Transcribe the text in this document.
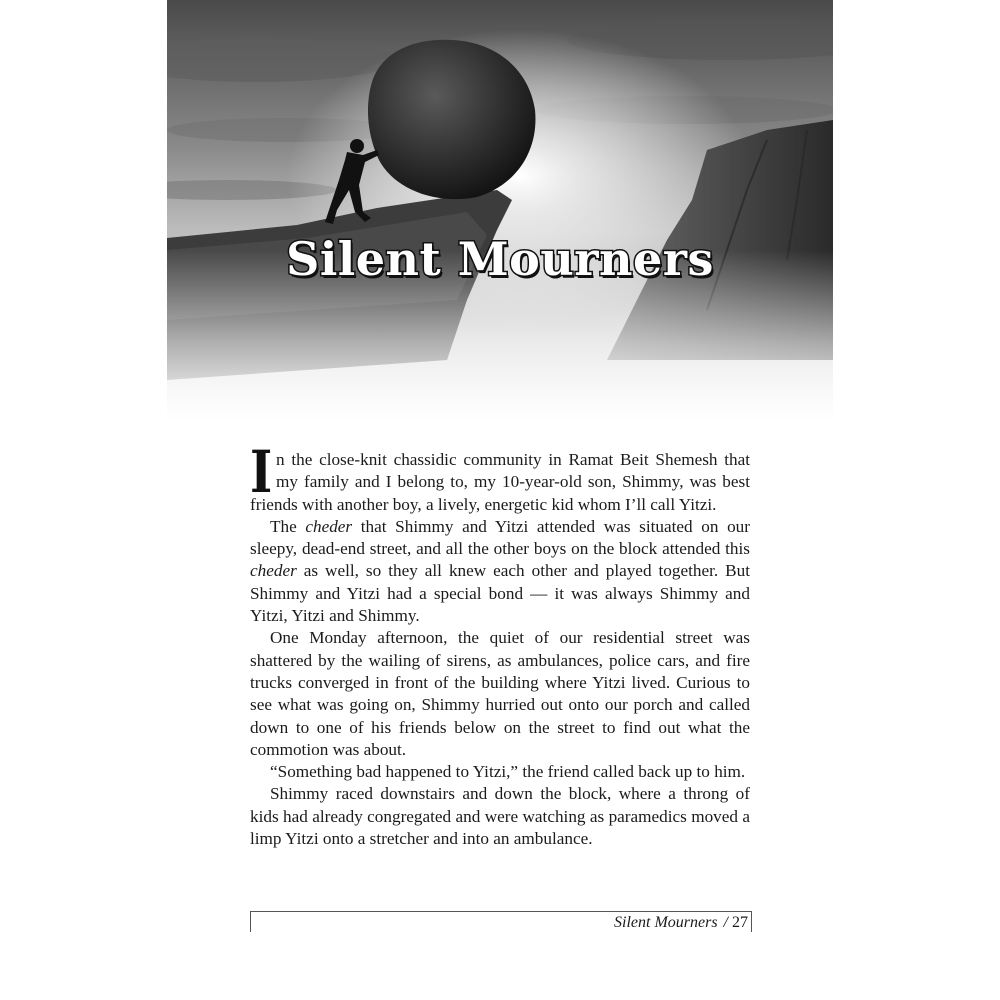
Silent Mourners

I n the close-knit chassidic community in Ramat Beit Shemesh that my family and I belong to, my 10-year-old son, Shimmy, was best friends with another boy, a lively, energetic kid whom I’ll call Yitzi.

The cheder that Shimmy and Yitzi attended was situated on our sleepy, dead-end street, and all the other boys on the block attended this cheder as well, so they all knew each other and played together. But Shimmy and Yitzi had a special bond — it was always Shimmy and Yitzi, Yitzi and Shimmy.

One Monday afternoon, the quiet of our residential street was shattered by the wailing of sirens, as ambulances, police cars, and fire trucks converged in front of the building where Yitzi lived. Curious to see what was going on, Shimmy hurried out onto our porch and called down to one of his friends below on the street to find out what the commotion was about.

“Something bad happened to Yitzi,” the friend called back up to him.

Shimmy raced downstairs and down the block, where a throng of kids had already congregated and were watching as paramedics moved a limp Yitzi onto a stretcher and into an ambulance.

Silent Mourners / 27
